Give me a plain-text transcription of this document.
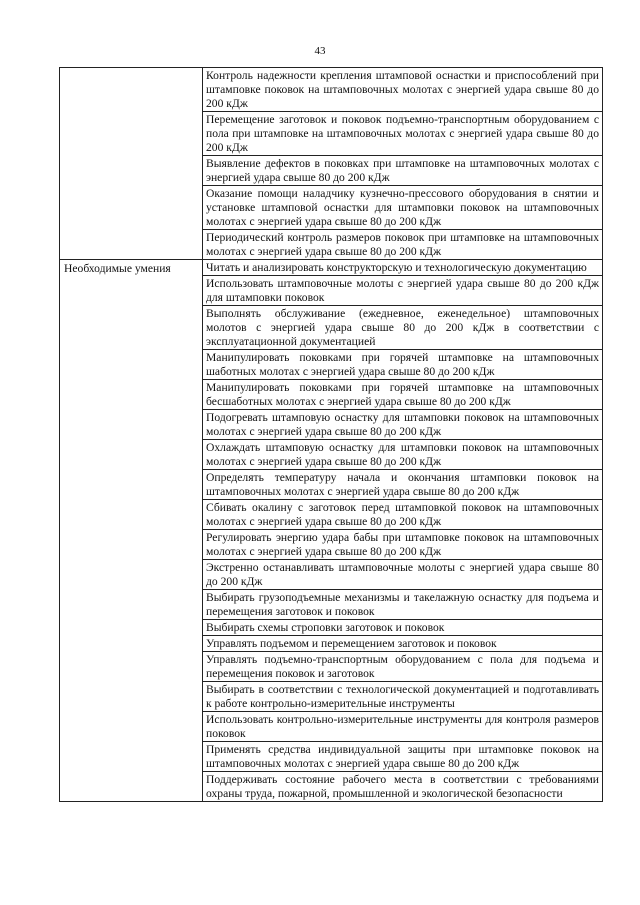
43
	Контроль надежности крепления штамповой оснастки и приспособлений при штамповке поковок на штамповочных молотах с энергией удара свыше 80 до 200 кДж
	Перемещение заготовок и поковок подъемно-транспортным оборудованием с пола при штамповке на штамповочных молотах с энергией удара свыше 80 до 200 кДж
	Выявление дефектов в поковках при штамповке на штамповочных молотах с энергией удара свыше 80 до 200 кДж
	Оказание помощи наладчику кузнечно-прессового оборудования в снятии и установке штамповой оснастки для штамповки поковок на штамповочных молотах с энергией удара свыше 80 до 200 кДж
	Периодический контроль размеров поковок при штамповке на штамповочных молотах с энергией удара свыше 80 до 200 кДж

Необходимые умения	Читать и анализировать конструкторскую и технологическую документацию
	Использовать штамповочные молоты с энергией удара свыше 80 до 200 кДж для штамповки поковок
	Выполнять обслуживание (ежедневное, еженедельное) штамповочных молотов с энергией удара свыше 80 до 200 кДж в соответствии с эксплуатационной документацией
	Манипулировать поковками при горячей штамповке на штамповочных шаботных молотах с энергией удара свыше 80 до 200 кДж
	Манипулировать поковками при горячей штамповке на штамповочных бесшаботных молотах с энергией удара свыше 80 до 200 кДж
	Подогревать штамповую оснастку для штамповки поковок на штамповочных молотах с энергией удара свыше 80 до 200 кДж
	Охлаждать штамповую оснастку для штамповки поковок на штамповочных молотах с энергией удара свыше 80 до 200 кДж
	Определять температуру начала и окончания штамповки поковок на штамповочных молотах с энергией удара свыше 80 до 200 кДж
	Сбивать окалину с заготовок перед штамповкой поковок на штамповочных молотах с энергией удара свыше 80 до 200 кДж
	Регулировать энергию удара бабы при штамповке поковок на штамповочных молотах с энергией удара свыше 80 до 200 кДж
	Экстренно останавливать штамповочные молоты с энергией удара свыше 80 до 200 кДж
	Выбирать грузоподъемные механизмы и такелажную оснастку для подъема и перемещения заготовок и поковок
	Выбирать схемы строповки заготовок и поковок
	Управлять подъемом и перемещением заготовок и поковок
	Управлять подъемно-транспортным оборудованием с пола для подъема и перемещения поковок и заготовок
	Выбирать в соответствии с технологической документацией и подготавливать к работе контрольно-измерительные инструменты
	Использовать контрольно-измерительные инструменты для контроля размеров поковок
	Применять средства индивидуальной защиты при штамповке поковок на штамповочных молотах с энергией удара свыше 80 до 200 кДж
	Поддерживать состояние рабочего места в соответствии с требованиями охраны труда, пожарной, промышленной и экологической безопасности
